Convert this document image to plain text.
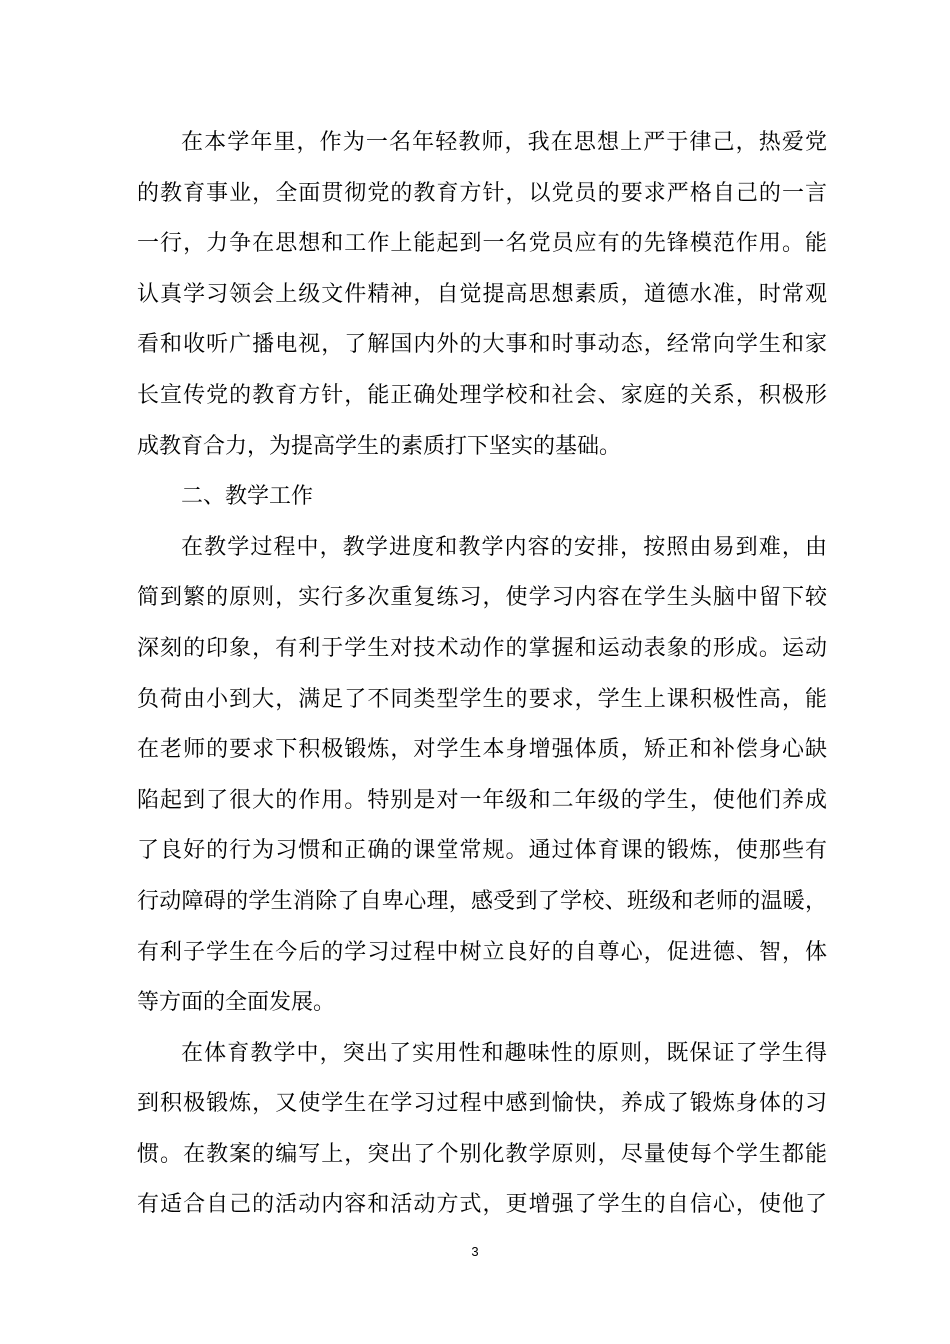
在本学年里，作为一名年轻教师，我在思想上严于律己，热爱党
的教育事业，全面贯彻党的教育方针，以党员的要求严格自己的一言
一行，力争在思想和工作上能起到一名党员应有的先锋模范作用。能
认真学习领会上级文件精神，自觉提高思想素质，道德水准，时常观
看和收听广播电视，了解国内外的大事和时事动态，经常向学生和家
长宣传党的教育方针，能正确处理学校和社会、家庭的关系，积极形
成教育合力，为提高学生的素质打下坚实的基础。
二、教学工作
在教学过程中，教学进度和教学内容的安排，按照由易到难，由
简到繁的原则，实行多次重复练习，使学习内容在学生头脑中留下较
深刻的印象，有利于学生对技术动作的掌握和运动表象的形成。运动
负荷由小到大，满足了不同类型学生的要求，学生上课积极性高，能
在老师的要求下积极锻炼，对学生本身增强体质，矫正和补偿身心缺
陷起到了很大的作用。特别是对一年级和二年级的学生，使他们养成
了良好的行为习惯和正确的课堂常规。通过体育课的锻炼，使那些有
行动障碍的学生消除了自卑心理，感受到了学校、班级和老师的温暖，
有利子学生在今后的学习过程中树立良好的自尊心，促进德、智，体
等方面的全面发展。
在体育教学中，突出了实用性和趣味性的原则，既保证了学生得
到积极锻炼，又使学生在学习过程中感到愉快，养成了锻炼身体的习
惯。在教案的编写上，突出了个别化教学原则，尽量使每个学生都能
有适合自己的活动内容和活动方式，更增强了学生的自信心，使他了
3
